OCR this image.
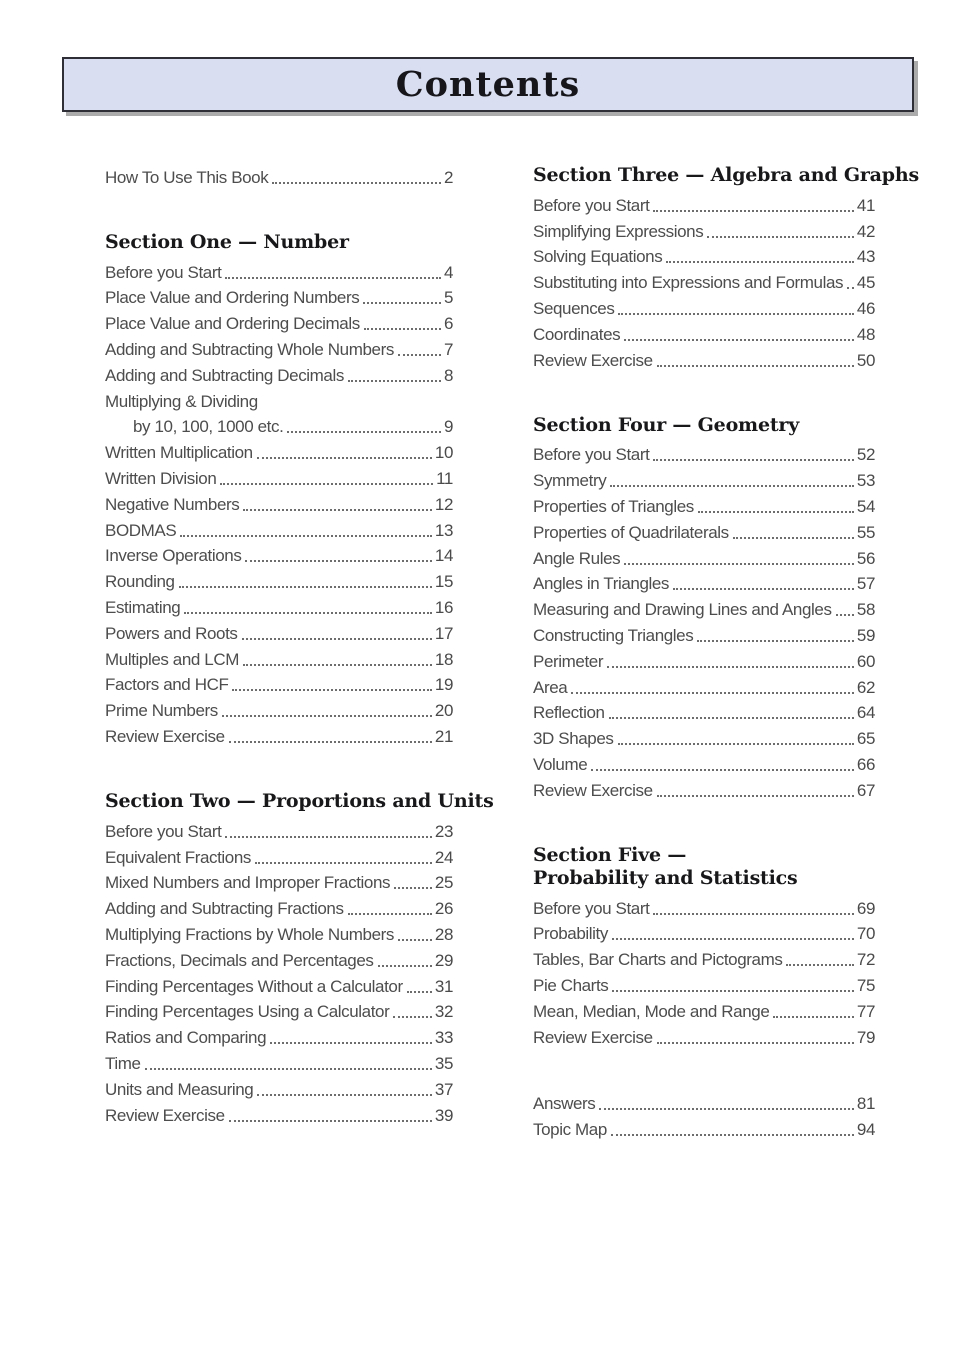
Contents
How To Use This Book	2
Section One — Number
Before you Start	4
Place Value and Ordering Numbers	5
Place Value and Ordering Decimals	6
Adding and Subtracting Whole Numbers	7
Adding and Subtracting Decimals	8
Multiplying & Dividing
by 10, 100, 1000 etc.	9
Written Multiplication	10
Written Division	11
Negative Numbers	12
BODMAS	13
Inverse Operations	14
Rounding	15
Estimating	16
Powers and Roots	17
Multiples and LCM	18
Factors and HCF	19
Prime Numbers	20
Review Exercise	21
Section Two — Proportions and Units
Before you Start	23
Equivalent Fractions	24
Mixed Numbers and Improper Fractions	25
Adding and Subtracting Fractions	26
Multiplying Fractions by Whole Numbers 28
Fractions, Decimals and Percentages	29
Finding Percentages Without a Calculator 31
Finding Percentages Using a Calculator	32
Ratios and Comparing	33
Time	35
Units and Measuring	37
Review Exercise	39
Section Three — Algebra and Graphs
Before you Start	41
Simplifying Expressions	42
Solving Equations	43
Substituting into Expressions and Formulas 45
Sequences	46
Coordinates	48
Review Exercise	50
Section Four — Geometry
Before you Start	52
Symmetry	53
Properties of Triangles	54
Properties of Quadrilaterals	55
Angle Rules	56
Angles in Triangles	57
Measuring and Drawing Lines and Angles 58
Constructing Triangles	59
Perimeter	60
Area	62
Reflection	64
3D Shapes	65
Volume	66
Review Exercise	67
Section Five —
Probability and Statistics
Before you Start	69
Probability	70
Tables, Bar Charts and Pictograms	72
Pie Charts	75
Mean, Median, Mode and Range	77
Review Exercise	79
Answers	81
Topic Map	94
